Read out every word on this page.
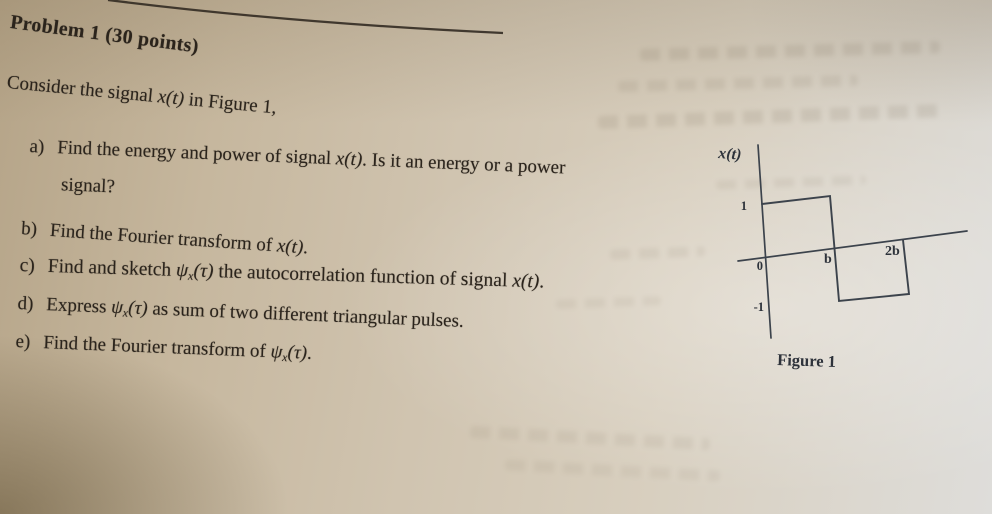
x(t)
1
0	b
2b
-1
Figure 1
Problem 1 (30 points)
Consider the signal x(t) in Figure 1,
a) Find the energy and power of signal x(t). Is it an energy or a power
signal?
b) Find the Fourier transform of x(t).
c) Find and sketch $\psi_x(\tau)$ the autocorrelation function of signal x(t).
d) Express $\psi_x(\tau)$ as sum of two different triangular pulses.
e) Find the Fourier transform of $\psi_x(\tau)$.
